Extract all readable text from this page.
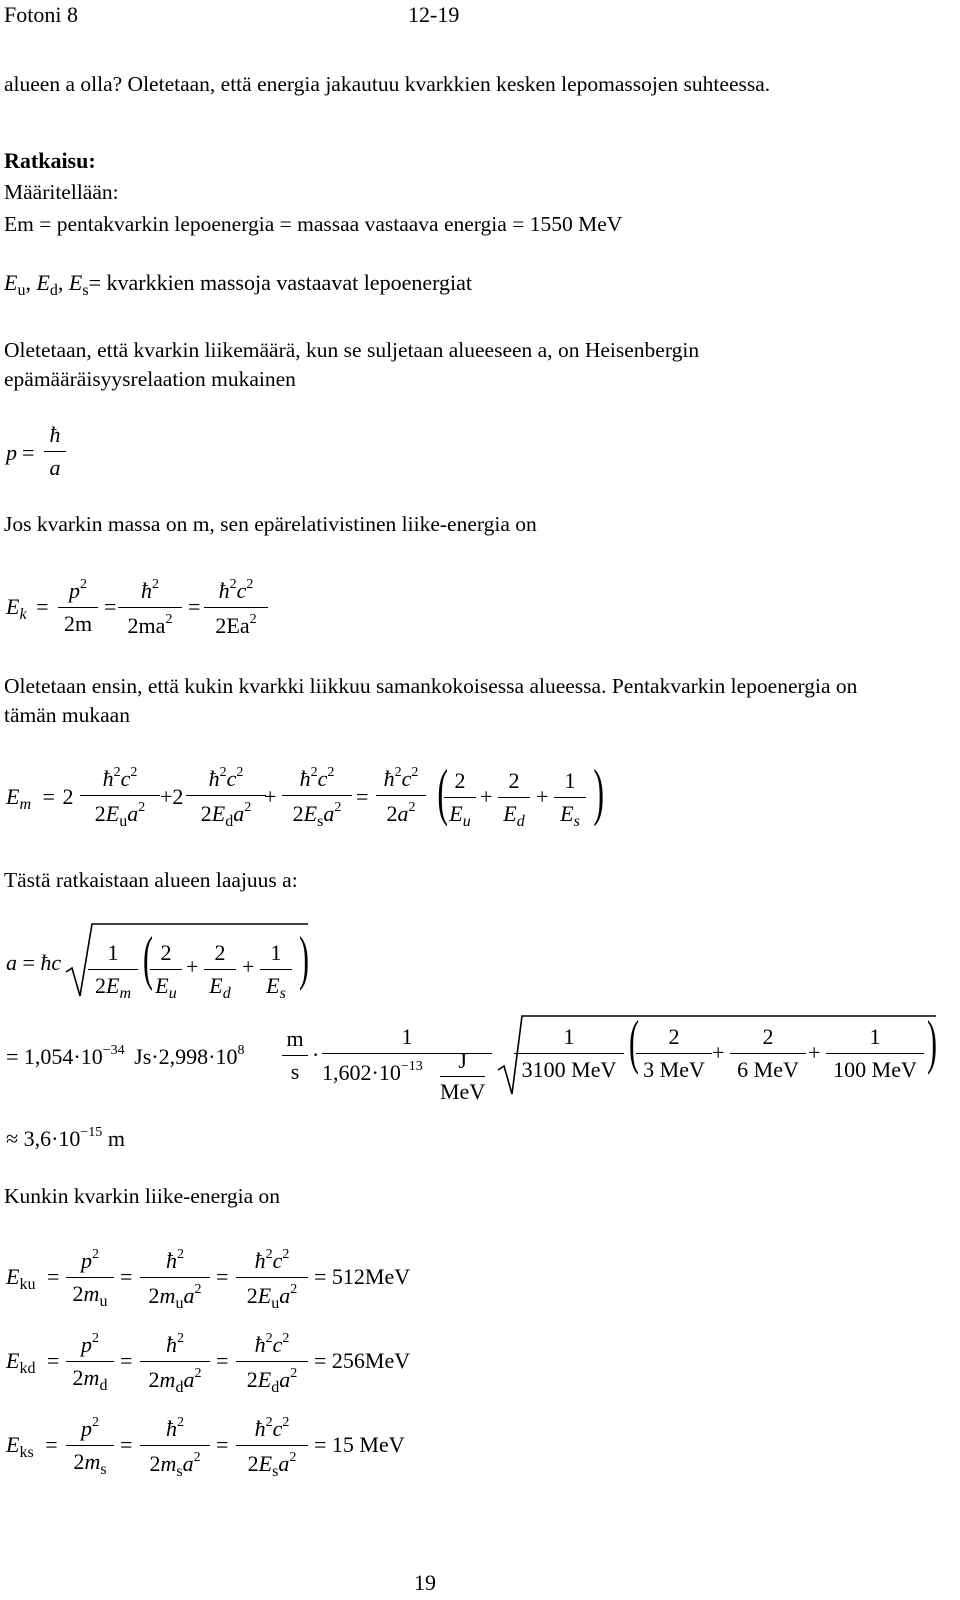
Fotoni 8	12-19
alueen a olla? Oletetaan, että energia jakautuu kvarkkien kesken lepomassojen suhteessa.
Ratkaisu:
Määritellään:
Em = pentakvarkin lepoenergia = massaa vastaava energia = 1550 MeV
$E_u$, $E_d$, $E_s=$ kvarkkien massoja vastaavat lepoenergiat
Oletetaan, että kvarkin liikemäärä, kun se suljetaan alueeseen a, on Heisenbergin epämääräisyysrelaation mukainen
$p = \frac{ħ}{a}$
Jos kvarkin massa on m, sen epärelativistinen liike-energia on
$E_k = \frac{p^2}{2m} = \frac{ħ^2}{2ma^2} = \frac{ħ^2c^2}{2Ea^2}$
Oletetaan ensin, että kukin kvarkki liikkuu samankokoisessa alueessa. Pentakvarkin lepoenergia on tämän mukaan
$E_m = 2$
$ħ^2c^2$
$2E_ua^2 +2$
$ħ^2c^2$
$2E_da^2$ +
$ħ^2c^2$
$2E_sa^2 = \frac{ħ^2c^2}{2a^2}$ (
$\frac{2}{E_u} + \frac{2}{E_d} + \frac{1}{E_s}$ )
Tästä ratkaistaan alueen laajuus a:
a = ħc $\frac{1}{2E_m}$ (
$\frac{2}{E_u} + \frac{2}{E_d} + \frac{1}{E_s}$ )
= $1,054\cdot 10^{-34}$ $Js\cdot 2,998\cdot 10^8 \frac{m}{s}$ ·
1
$1,602\cdot 10^{-13}$	J
MeV
1
3100 MeV (	2
3 MeV
+
2
6 MeV
+
1
100 MeV )
≈ $3,6\cdot 10^{-15}$ m
Kunkin kvarkin liike-energia on
$E_{ku} = \frac{p^2}{2m_u}$ =
$ħ^2$
$2m_ua^2$
=
$ħ^2c^2$
$2E_ua^2$
= 512MeV
$E_{kd} = \frac{p^2}{2m_d}$ =
$ħ^2$
$2m_da^2$
=
$ħ^2c^2$
$2E_da^2$
= 256MeV
$E_{ks} = \frac{p^2}{2m_s}$ =
$ħ^2$
$2m_sa^2$
=
$ħ^2c^2$
$2E_sa^2$
= 15 MeV
19
